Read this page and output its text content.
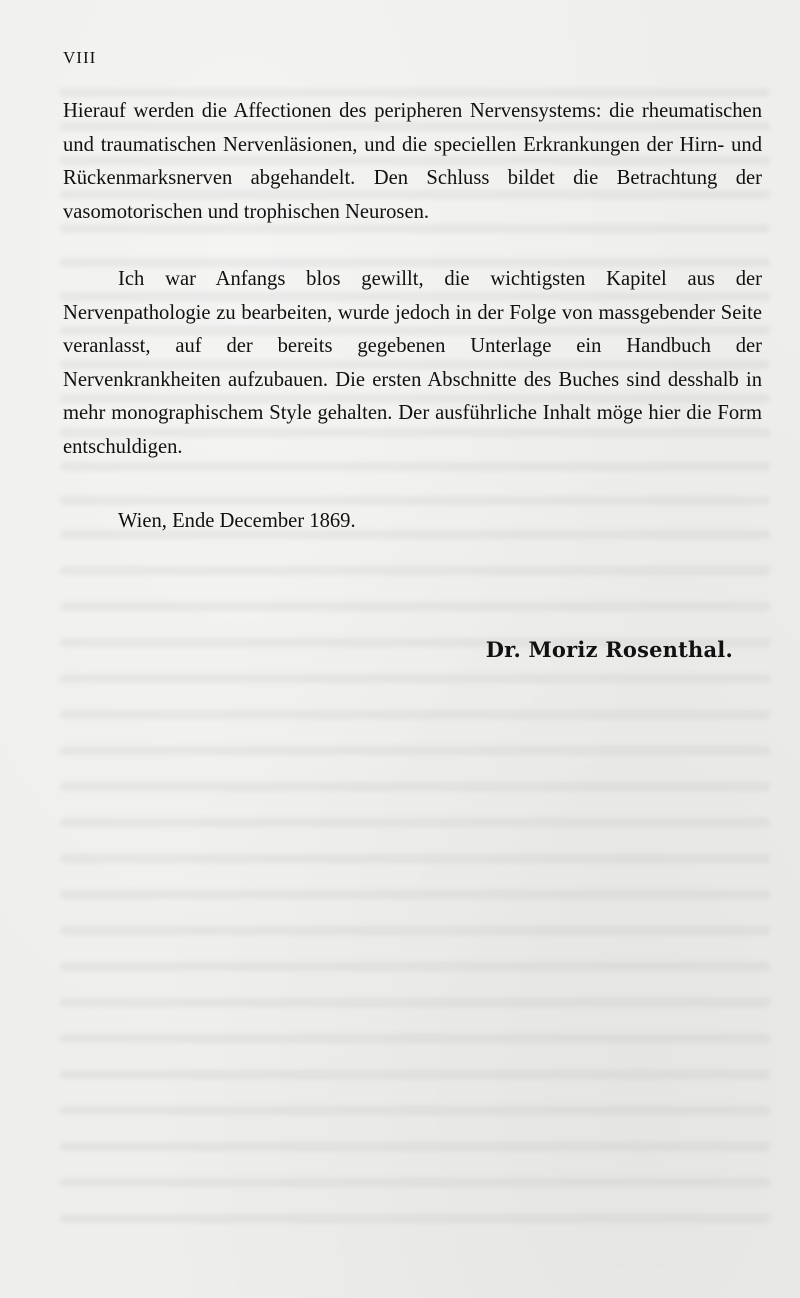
VIII

Hierauf werden die Affectionen des peripheren Nervensystems: die rheumatischen und traumatischen Nervenläsionen, und die speciellen Erkrankungen der Hirn- und Rückenmarksnerven abgehandelt. Den Schluss bildet die Betrachtung der vasomotorischen und trophischen Neurosen.

Ich war Anfangs blos gewillt, die wichtigsten Kapitel aus der Nervenpathologie zu bearbeiten, wurde jedoch in der Folge von massgebender Seite veranlasst, auf der bereits gegebenen Unterlage ein Handbuch der Nervenkrankheiten aufzubauen. Die ersten Abschnitte des Buches sind desshalb in mehr monographischem Style gehalten. Der ausführliche Inhalt möge hier die Form entschuldigen.

Wien, Ende December 1869.

Dr. Moriz Rosenthal.
